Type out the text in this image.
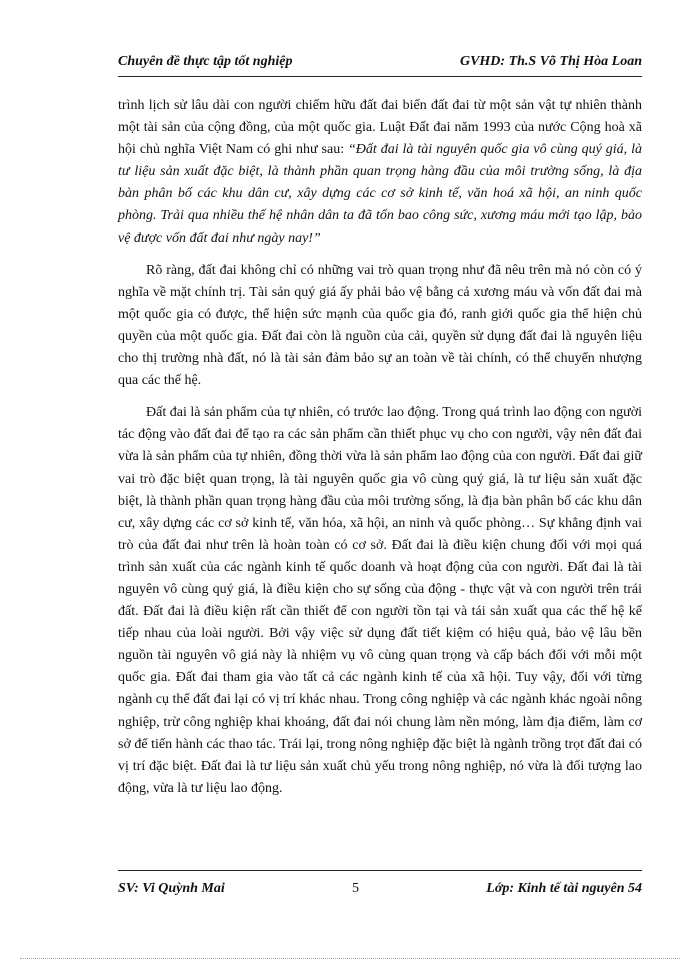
Chuyên đề thực tập tốt nghiệp	GVHD: Th.S Võ Thị Hòa Loan

trình lịch sử lâu dài con người chiếm hữu đất đai biến đất đai từ một sản vật tự nhiên thành một tài sản của cộng đồng, của một quốc gia. Luật Đất đai năm 1993 của nước Cộng hoà xã hội chủ nghĩa Việt Nam có ghi như sau: “Đất đai là tài nguyên quốc gia vô cùng quý giá, là tư liệu sản xuất đặc biệt, là thành phần quan trọng hàng đầu của môi trường sống, là địa bàn phân bố các khu dân cư, xây dựng các cơ sở kinh tế, văn hoá xã hội, an ninh quốc phòng. Trải qua nhiều thế hệ nhân dân ta đã tốn bao công sức, xương máu mới tạo lập, bảo vệ được vốn đất đai như ngày nay!”

Rõ ràng, đất đai không chỉ có những vai trò quan trọng như đã nêu trên mà nó còn có ý nghĩa về mặt chính trị. Tài sản quý giá ấy phải bảo vệ bằng cả xương máu và vốn đất đai mà một quốc gia có được, thể hiện sức mạnh của quốc gia đó, ranh giới quốc gia thể hiện chủ quyền của một quốc gia. Đất đai còn là nguồn của cải, quyền sử dụng đất đai là nguyên liệu cho thị trường nhà đất, nó là tài sản đảm bảo sự an toàn về tài chính, có thể chuyển nhượng qua các thế hệ.

Đất đai là sản phẩm của tự nhiên, có trước lao động. Trong quá trình lao động con người tác động vào đất đai để tạo ra các sản phẩm cần thiết phục vụ cho con người, vậy nên đất đai vừa là sản phẩm của tự nhiên, đồng thời vừa là sản phẩm lao động của con người. Đất đai giữ vai trò đặc biệt quan trọng, là tài nguyên quốc gia vô cùng quý giá, là tư liệu sản xuất đặc biệt, là thành phần quan trọng hàng đầu của môi trường sống, là địa bàn phân bố các khu dân cư, xây dựng các cơ sở kinh tế, văn hóa, xã hội, an ninh và quốc phòng… Sự khẳng định vai trò của đất đai như trên là hoàn toàn có cơ sở. Đất đai là điều kiện chung đối với mọi quá trình sản xuất của các ngành kinh tế quốc doanh và hoạt động của con người. Đất đai là tài nguyên vô cùng quý giá, là điều kiện cho sự sống của động - thực vật và con người trên trái đất. Đất đai là điều kiện rất cần thiết để con người tồn tại và tái sản xuất qua các thế hệ kế tiếp nhau của loài người. Bởi vậy việc sử dụng đất tiết kiệm có hiệu quả, bảo vệ lâu bền nguồn tài nguyên vô giá này là nhiệm vụ vô cùng quan trọng và cấp bách đối với mỗi một quốc gia. Đất đai tham gia vào tất cả các ngành kinh tế của xã hội. Tuy vậy, đối với từng ngành cụ thể đất đai lại có vị trí khác nhau. Trong công nghiệp và các ngành khác ngoài nông nghiệp, trừ công nghiệp khai khoáng, đất đai nói chung làm nền móng, làm địa điểm, làm cơ sở để tiến hành các thao tác. Trái lại, trong nông nghiệp đặc biệt là ngành trồng trọt đất đai có vị trí đặc biệt. Đất đai là tư liệu sản xuất chủ yếu trong nông nghiệp, nó vừa là đối tượng lao động, vừa là tư liệu lao động.

SV: Vi Quỳnh Mai	5	Lớp: Kinh tế tài nguyên 54
